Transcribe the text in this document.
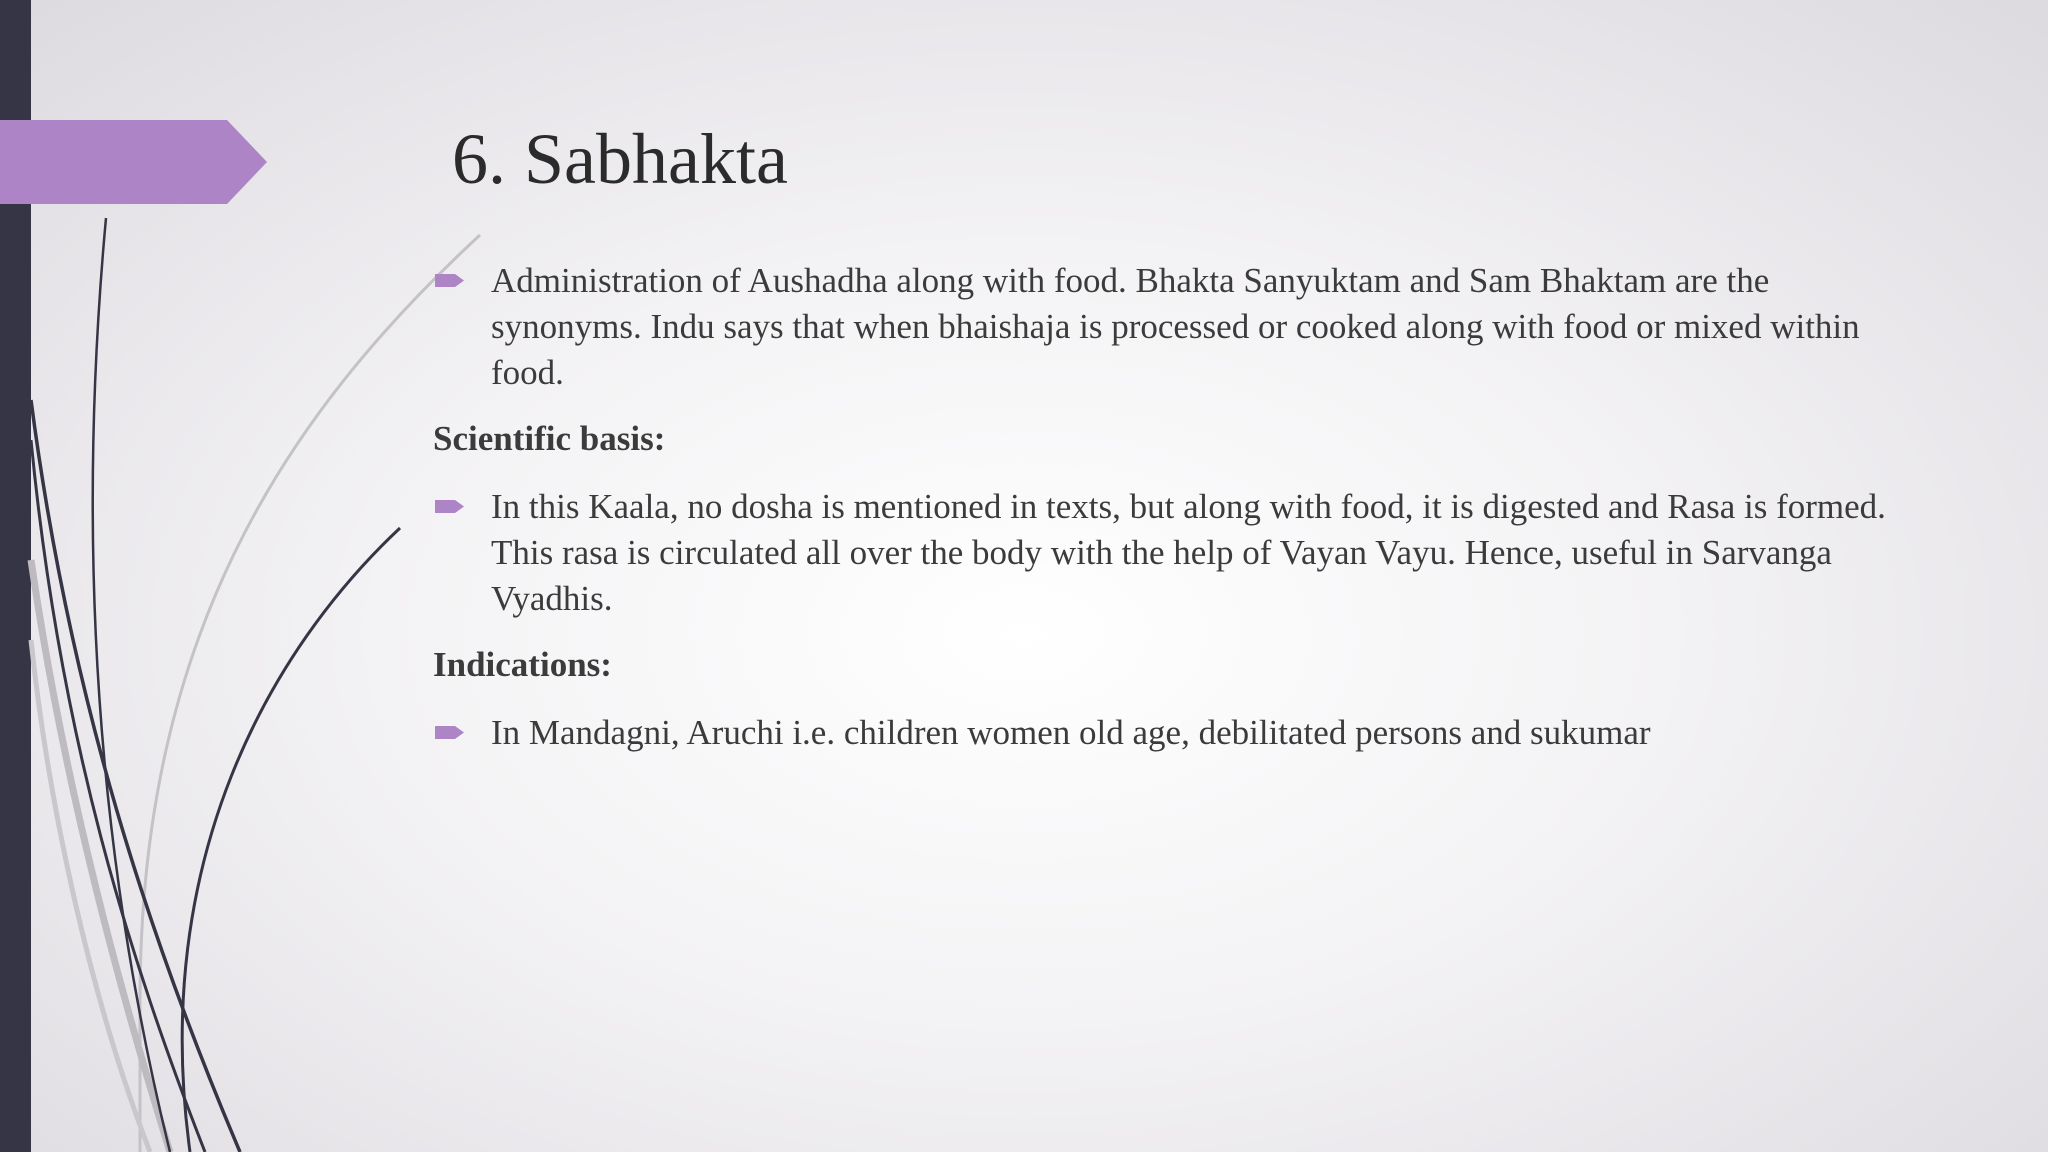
6. Sabhakta
Administration of Aushadha along with food. Bhakta Sanyuktam and Sam Bhaktam are the synonyms. Indu says that when bhaishaja is processed or cooked along with food or mixed within food.
Scientific basis:
In this Kaala, no dosha is mentioned in texts, but along with food, it is digested and Rasa is formed. This rasa is circulated all over the body with the help of Vayan Vayu. Hence, useful in Sarvanga Vyadhis.
Indications:
In Mandagni, Aruchi i.e. children women old age, debilitated persons and sukumar
